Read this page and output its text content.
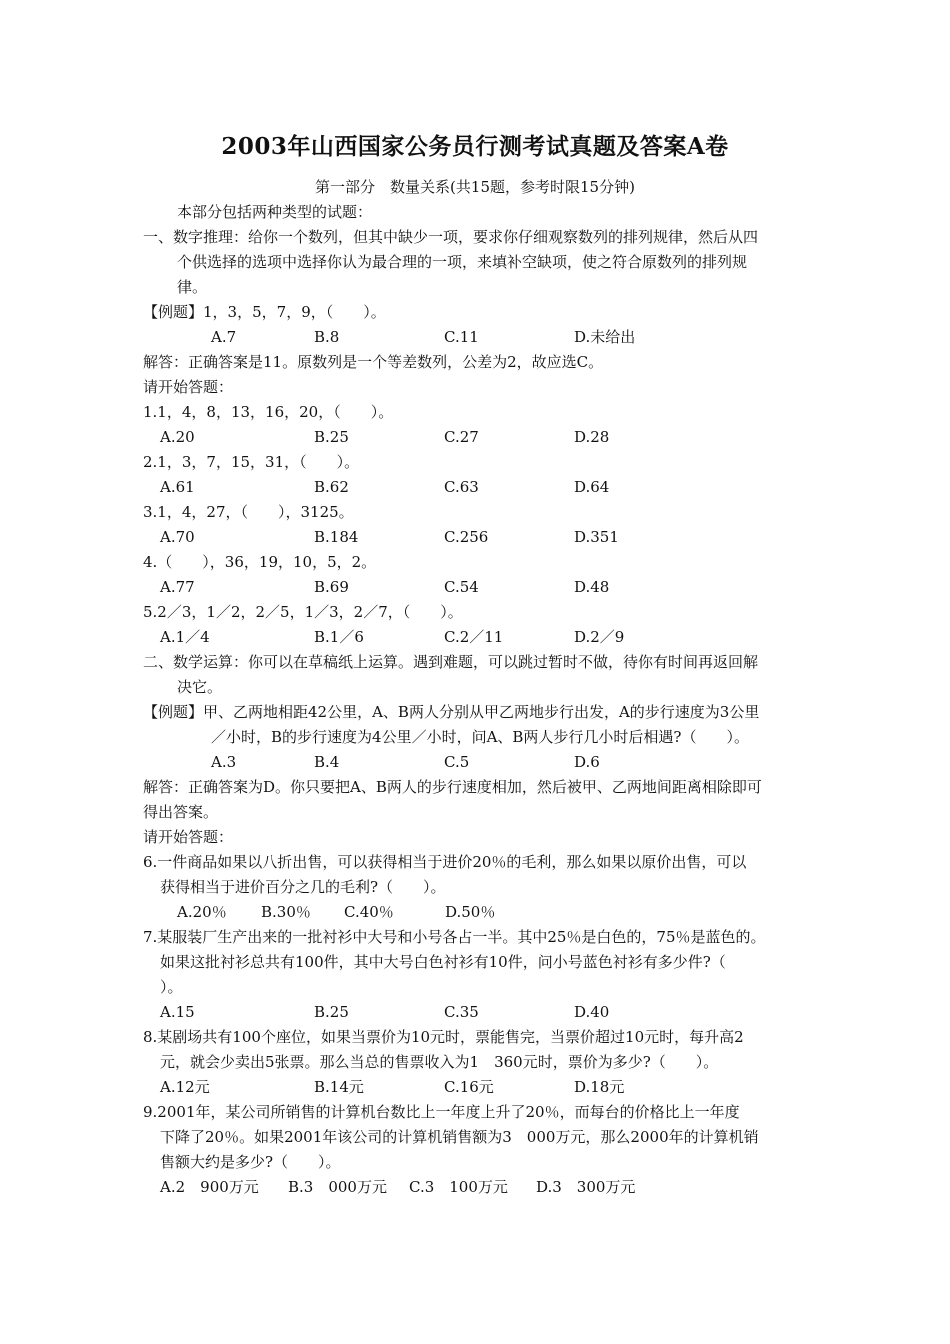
2003年山西国家公务员行测考试真题及答案A卷
第一部分　数量关系(共15题，参考时限15分钟)
本部分包括两种类型的试题：
一、数字推理：给你一个数列，但其中缺少一项，要求你仔细观察数列的排列规律，然后从四
个供选择的选项中选择你认为最合理的一项，来填补空缺项，使之符合原数列的排列规
律。
【例题】1，3，5，7，9，（　　）。
A.7	B.8	C.11	D.未给出
解答：正确答案是11。原数列是一个等差数列，公差为2，故应选C。
请开始答题：
1.1，4，8，13，16，20，（　　）。
A.20	B.25	C.27	D.28
2.1，3，7，15，31，（　　）。
A.61	B.62	C.63	D.64
3.1，4，27，（　　），3125。
A.70	B.184	C.256	D.351
4.（　　），36，19，10，5，2。
A.77	B.69	C.54	D.48
5.2／3，1／2，2／5，1／3，2／7，（　　）。
A.1／4	B.1／6	C.2／11	D.2／9
二、数学运算：你可以在草稿纸上运算。遇到难题，可以跳过暂时不做，待你有时间再返回解
决它。
【例题】甲、乙两地相距42公里，A、B两人分别从甲乙两地步行出发，A的步行速度为3公里
／小时，B的步行速度为4公里／小时，问A、B两人步行几小时后相遇?（　　）。
A.3	B.4	C.5	D.6
解答：正确答案为D。你只要把A、B两人的步行速度相加，然后被甲、乙两地间距离相除即可
得出答案。
请开始答题：
6.一件商品如果以八折出售，可以获得相当于进价20％的毛利，那么如果以原价出售，可以
获得相当于进价百分之几的毛利?（　　）。
A.20％ B.30％ C.40％	D.50％
7.某服装厂生产出来的一批衬衫中大号和小号各占一半。其中25％是白色的，75％是蓝色的。
如果这批衬衫总共有100件，其中大号白色衬衫有10件，问小号蓝色衬衫有多少件?（
）。
A.15	B.25	C.35	D.40
8.某剧场共有100个座位，如果当票价为10元时，票能售完，当票价超过10元时，每升高2
元，就会少卖出5张票。那么当总的售票收入为1　360元时，票价为多少?（　　）。
A.12元	B.14元	C.16元	D.18元
9.2001年，某公司所销售的计算机台数比上一年度上升了20％，而每台的价格比上一年度
下降了20％。如果2001年该公司的计算机销售额为3　000万元，那么2000年的计算机销
售额大约是多少?（　　）。
A.2　900万元 B.3　000万元 C.3　100万元 D.3　300万元
